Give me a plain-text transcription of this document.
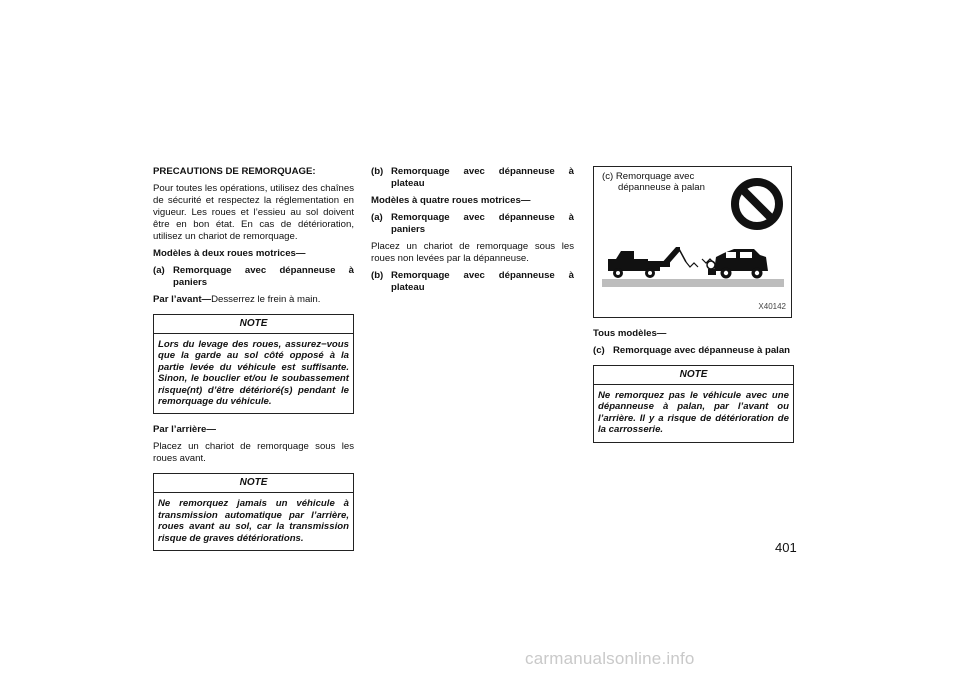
PRECAUTIONS DE REMORQUAGE:

Pour toutes les opérations, utilisez des chaînes de sécurité et respectez la réglementation en vigueur. Les roues et l’essieu au sol doivent être en bon état. En cas de détérioration, utilisez un chariot de remorquage.

Modèles à deux roues motrices—
(a) Remorquage avec dépanneuse à
paniers

Par l’avant—Desserrez le frein à main.

NOTE
Lors du levage des roues, assurez−vous que la garde au sol côté opposé à la partie levée du véhicule est suffisante. Sinon, le bouclier et/ou le soubassement risque(nt) d’être détérioré(s) pendant le remorquage du véhicule.
Par l’arrière—

Placez un chariot de remorquage sous les roues avant.

NOTE
Ne remorquez jamais un véhicule à transmission automatique par l’arrière, roues avant au sol, car la transmission risque de graves détériorations.
(b) Remorquage avec dépanneuse à
plateau
Modèles à quatre roues motrices—
(a) Remorquage avec dépanneuse à
paniers

Placez un chariot de remorquage sous les roues non levées par la dépanneuse.

(b) Remorquage avec dépanneuse à
plateau
(c) Remorquage avec
dépanneuse à palan
X40142
Tous modèles—
(c) Remorquage avec dépanneuse à palan
NOTE
Ne remorquez pas le véhicule avec une dépanneuse à palan, par l’avant ou l’arrière. Il y a risque de détérioration de la carrosserie.
401
carmanualsonline.info
